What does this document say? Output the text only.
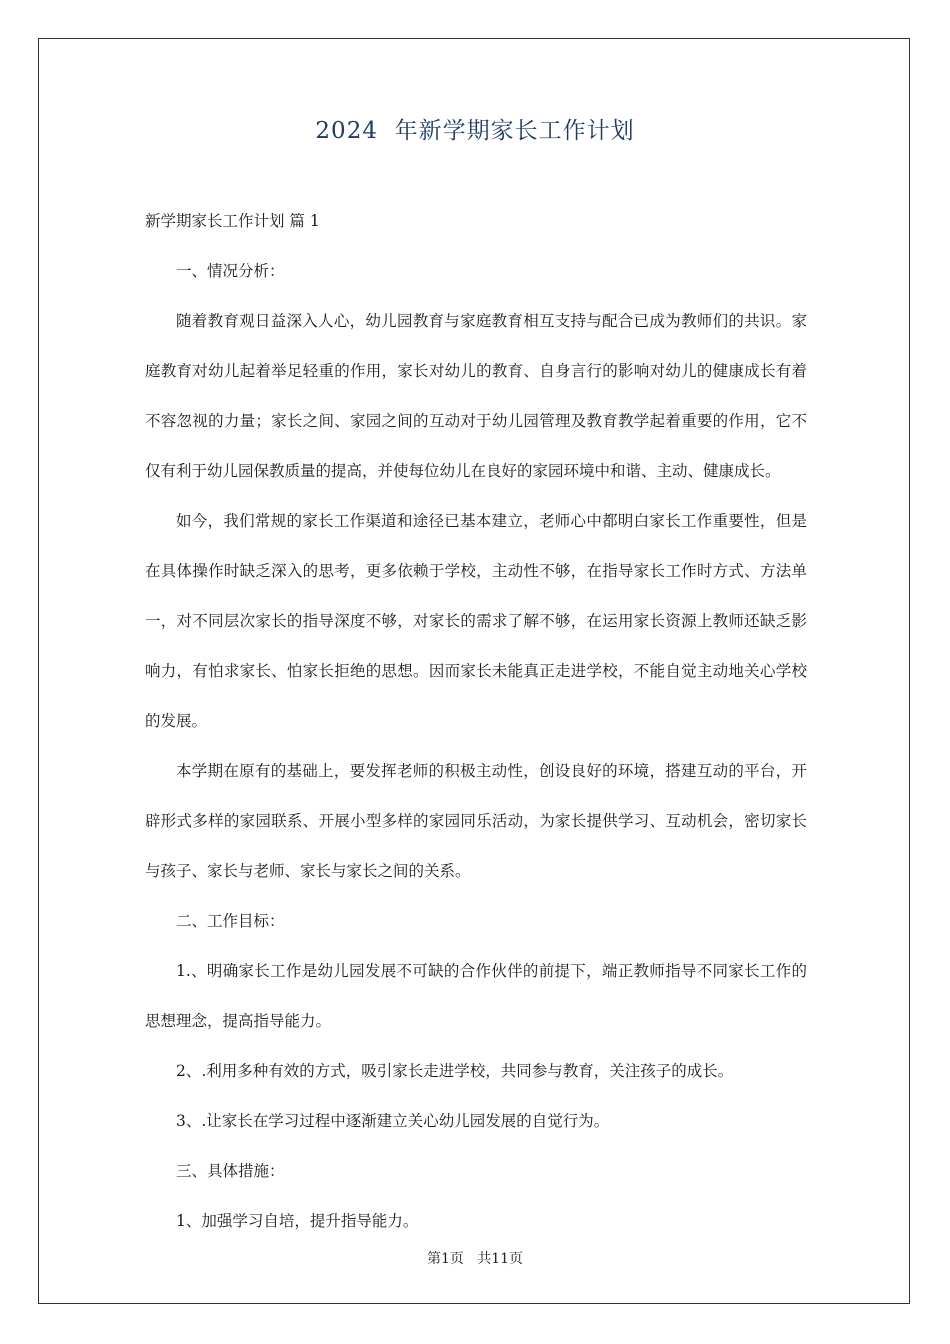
2024  年新学期家长工作计划

新学期家长工作计划 篇 1

一、情况分析：

随着教育观日益深入人心，幼儿园教育与家庭教育相互支持与配合已成为教师们的共识。家庭教育对幼儿起着举足轻重的作用，家长对幼儿的教育、自身言行的影响对幼儿的健康成长有着不容忽视的力量；家长之间、家园之间的互动对于幼儿园管理及教育教学起着重要的作用，它不仅有利于幼儿园保教质量的提高，并使每位幼儿在良好的家园环境中和谐、主动、健康成长。

如今，我们常规的家长工作渠道和途径已基本建立，老师心中都明白家长工作重要性，但是在具体操作时缺乏深入的思考，更多依赖于学校，主动性不够，在指导家长工作时方式、方法单一，对不同层次家长的指导深度不够，对家长的需求了解不够，在运用家长资源上教师还缺乏影响力，有怕求家长、怕家长拒绝的思想。因而家长未能真正走进学校，不能自觉主动地关心学校的发展。

本学期在原有的基础上，要发挥老师的积极主动性，创设良好的环境，搭建互动的平台，开辟形式多样的家园联系、开展小型多样的家园同乐活动，为家长提供学习、互动机会，密切家长与孩子、家长与老师、家长与家长之间的关系。

二、工作目标：

1.、明确家长工作是幼儿园发展不可缺的合作伙伴的前提下，端正教师指导不同家长工作的思想理念，提高指导能力。

2、.利用多种有效的方式，吸引家长走进学校，共同参与教育，关注孩子的成长。

3、.让家长在学习过程中逐渐建立关心幼儿园发展的自觉行为。

三、具体措施：

1、加强学习自培，提升指导能力。

第1页   共11页
